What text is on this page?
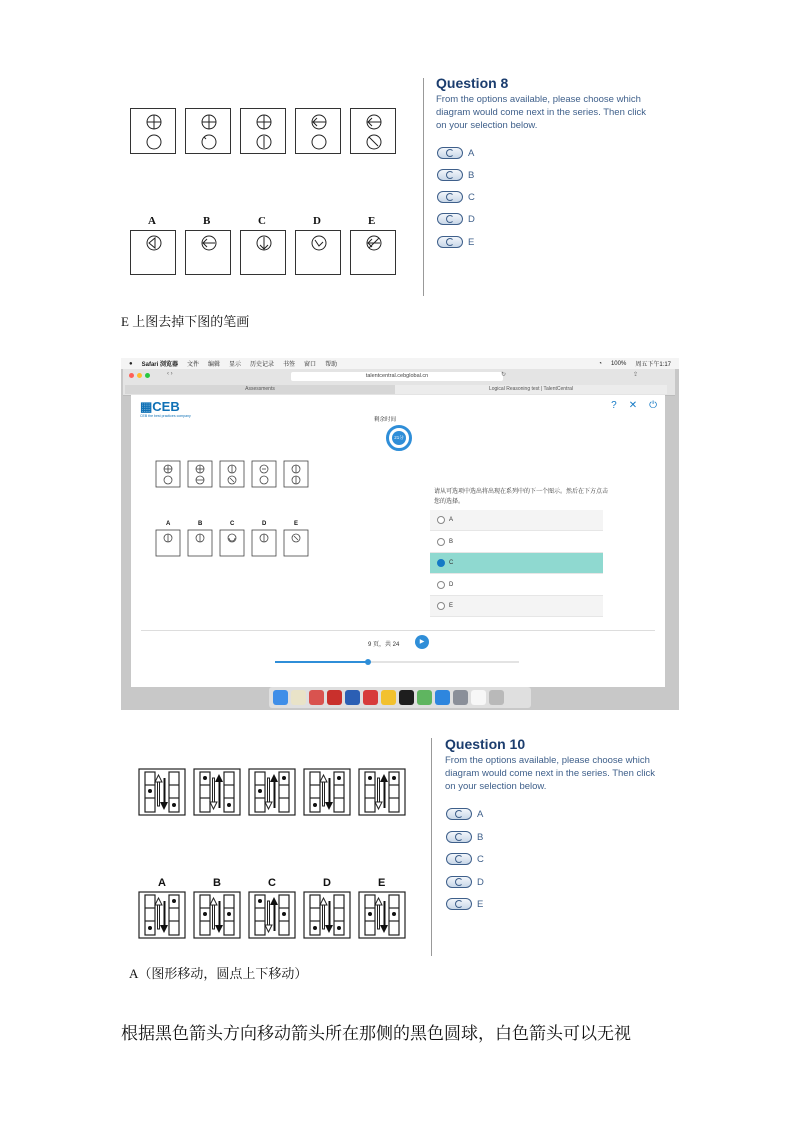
A	B	C	D	E
Question 8
From the options available, please choose which diagram would come next in the series. Then click on your selection below.
A
B
C
D
E
E 上图去掉下图的笔画
● Safari 浏览器 文件 编辑 显示 历史记录 书签 窗口 帮助	◔ 100% 周五下午1:17
‹ ›	talentcentral.cebglobal.cn	↻	⇪
Assessments	Logical Reasoning test | TalentCentral
▦CEB
CEB the best practices company
? ✕ ⏻
剩余时间
21分
A	B	C	D	E
请从可选项中选出将出现在系列中的下一个图示。然后在下方点击您的选择。
A
B
C
D
E
9 页，共 24	▶
A	B	C	D	E
Question 10
From the options available, please choose which diagram would come next in the series. Then click on your selection below.
A
B
C
D
E
A（图形移动，圆点上下移动）
根据黑色箭头方向移动箭头所在那侧的黑色圆球，白色箭头可以无视
